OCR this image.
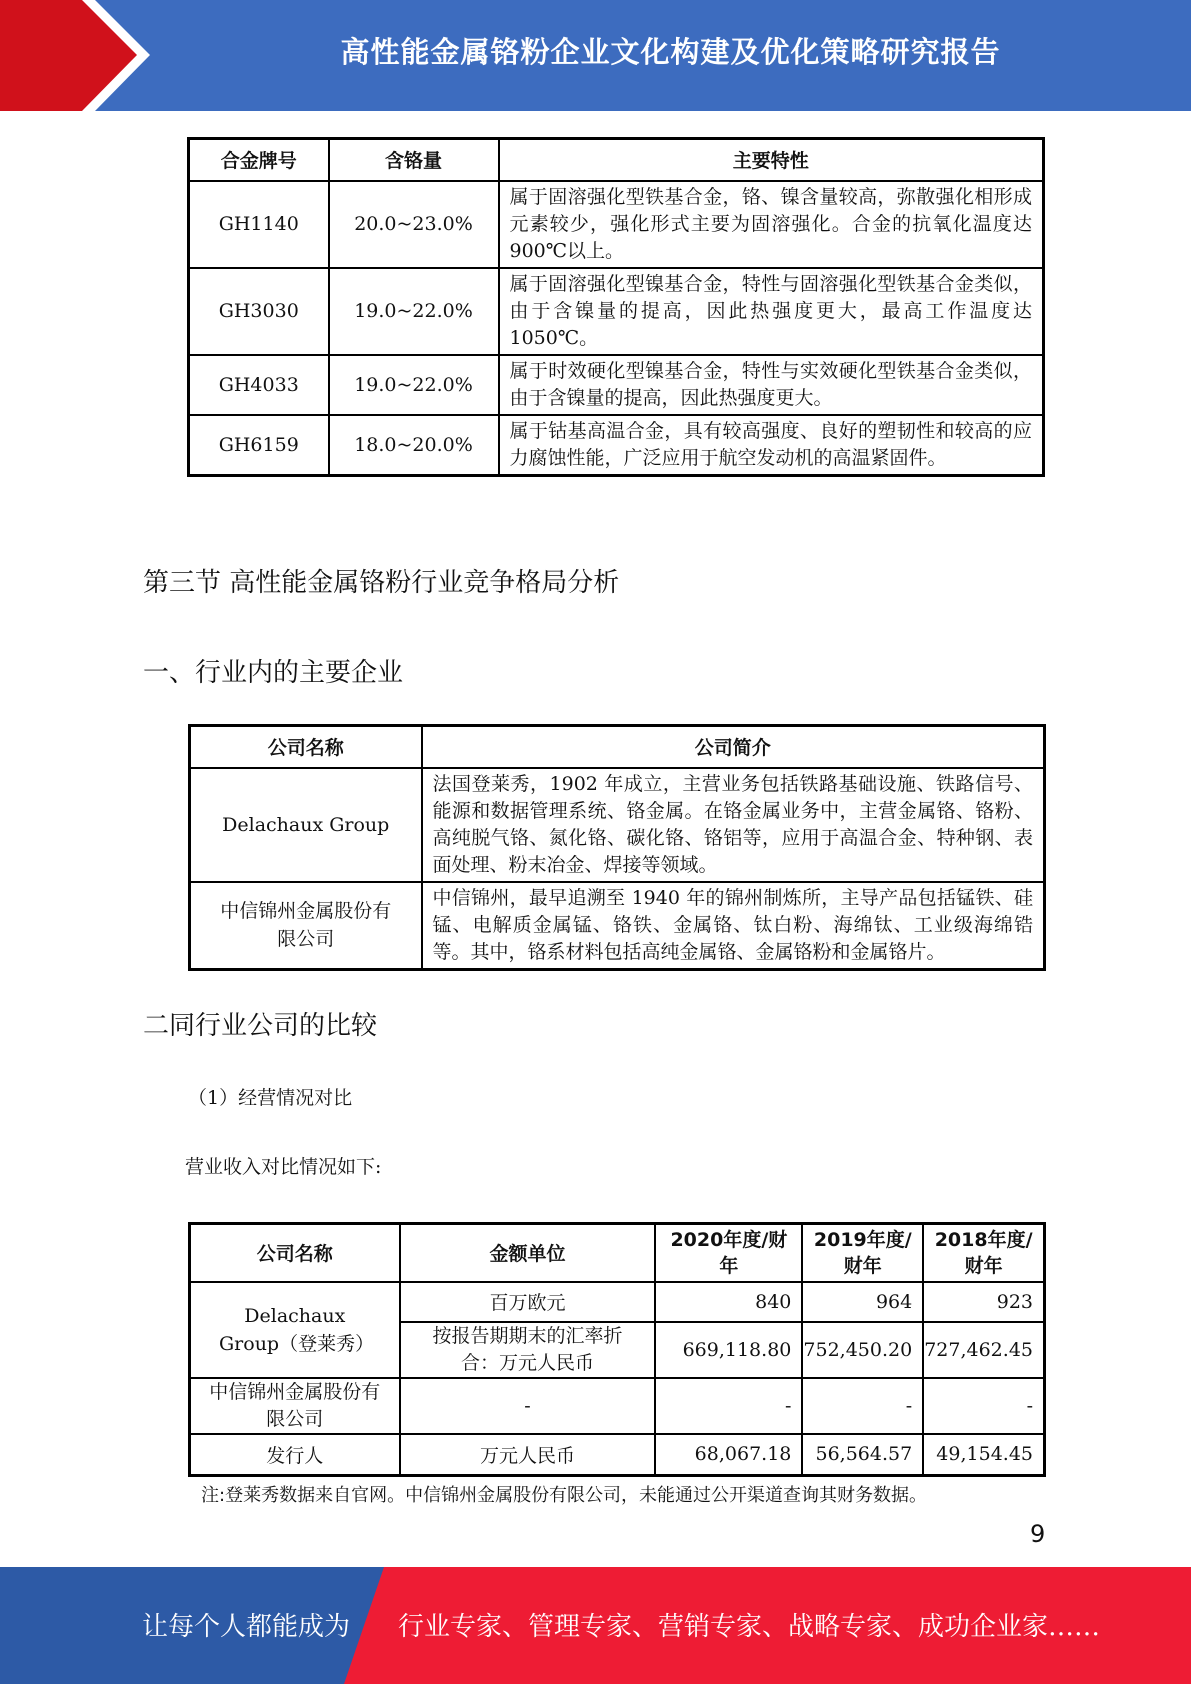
高性能金属铬粉企业文化构建及优化策略研究报告
合金牌号	含铬量	主要特性
GH1140	20.0~23.0%	属于固溶强化型铁基合金，铬、镍含量较高，弥散强化相形成元素较少，强化形式主要为固溶强化。合金的抗氧化温度达 900℃以上。
GH3030	19.0~22.0%	属于固溶强化型镍基合金，特性与固溶强化型铁基合金类似，由于含镍量的提高，因此热强度更大，最高工作温度达 1050℃。
GH4033	19.0~22.0%	属于时效硬化型镍基合金，特性与实效硬化型铁基合金类似，由于含镍量的提高，因此热强度更大。
GH6159	18.0~20.0%	属于钴基高温合金，具有较高强度、良好的塑韧性和较高的应力腐蚀性能，广泛应用于航空发动机的高温紧固件。
第三节 高性能金属铬粉行业竞争格局分析
一、行业内的主要企业
公司名称	公司简介
Delachaux Group	法国登莱秀，1902 年成立，主营业务包括铁路基础设施、铁路信号、能源和数据管理系统、铬金属。在铬金属业务中，主营金属铬、铬粉、高纯脱气铬、氮化铬、碳化铬、铬铝等，应用于高温合金、特种钢、表面处理、粉末冶金、焊接等领域。
中信锦州金属股份有限公司	中信锦州，最早追溯至 1940 年的锦州制炼所，主导产品包括锰铁、硅锰、电解质金属锰、铬铁、金属铬、钛白粉、海绵钛、工业级海绵锆等。其中，铬系材料包括高纯金属铬、金属铬粉和金属铬片。
二同行业公司的比较
（1）经营情况对比
营业收入对比情况如下:
公司名称	金额单位	2020年度/财年	2019年度/财年	2018年度/财年
Delachaux Group（登莱秀）	百万欧元	840	964	923
	按报告期期末的汇率折合：万元人民币	669,118.80	752,450.20	727,462.45
中信锦州金属股份有限公司	-	-	-	-
发行人	万元人民币	68,067.18	56,564.57	49,154.45
注:登莱秀数据来自官网。中信锦州金属股份有限公司，未能通过公开渠道查询其财务数据。
9
让每个人都能成为 行业专家、管理专家、营销专家、战略专家、成功企业家……
